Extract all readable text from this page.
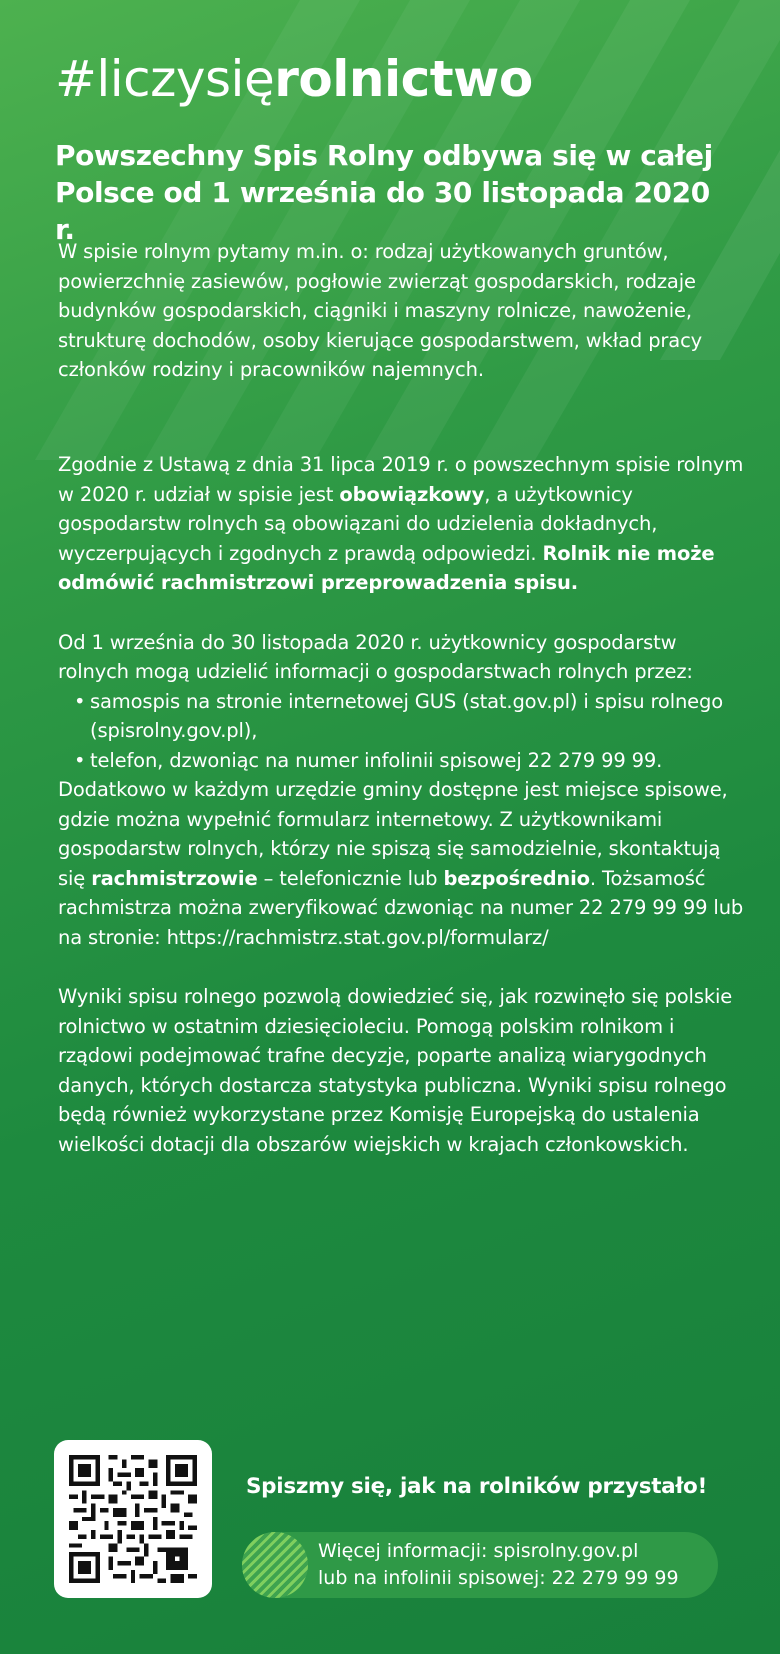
#liczysięrolnictwo
Powszechny Spis Rolny odbywa się w całej
Polsce od 1 września do 30 listopada 2020 r.
W spisie rolnym pytamy m.in. o: rodzaj użytkowanych gruntów, powierzchnię zasiewów, pogłowie zwierząt gospodarskich, rodzaje budynków gospodarskich, ciągniki i maszyny rolnicze, nawożenie, strukturę dochodów, osoby kierujące gospodarstwem, wkład pracy członków rodziny i pracowników najemnych.

Zgodnie z Ustawą z dnia 31 lipca 2019 r. o powszechnym spisie rolnym w 2020 r. udział w spisie jest obowiązkowy, a użytkownicy gospodarstw rolnych są obowiązani do udzielenia dokładnych, wyczerpujących i zgodnych z prawdą odpowiedzi. Rolnik nie może odmówić rachmistrzowi przeprowadzenia spisu.

Od 1 września do 30 listopada 2020 r. użytkownicy gospodarstw rolnych mogą udzielić informacji o gospodarstwach rolnych przez:

• samospis na stronie internetowej GUS (stat.gov.pl) i spisu rolnego (spisrolny.gov.pl),
• telefon, dzwoniąc na numer infolinii spisowej 22 279 99 99.

Dodatkowo w każdym urzędzie gminy dostępne jest miejsce spisowe, gdzie można wypełnić formularz internetowy. Z użytkownikami gospodarstw rolnych, którzy nie spiszą się samodzielnie, skontaktują się rachmistrzowie – telefonicznie lub bezpośrednio. Tożsamość rachmistrza można zweryfikować dzwoniąc na numer 22 279 99 99 lub na stronie: https://rachmistrz.stat.gov.pl/formularz/

Wyniki spisu rolnego pozwolą dowiedzieć się, jak rozwinęło się polskie rolnictwo w ostatnim dziesięcioleciu. Pomogą polskim rolnikom i rządowi podejmować trafne decyzje, poparte analizą wiarygodnych danych, których dostarcza statystyka publiczna. Wyniki spisu rolnego będą również wykorzystane przez Komisję Europejską do ustalenia wielkości dotacji dla obszarów wiejskich w krajach członkowskich.

Spiszmy się, jak na rolników przystało!

Więcej informacji: spisrolny.gov.pl
lub na infolinii spisowej: 22 279 99 99
